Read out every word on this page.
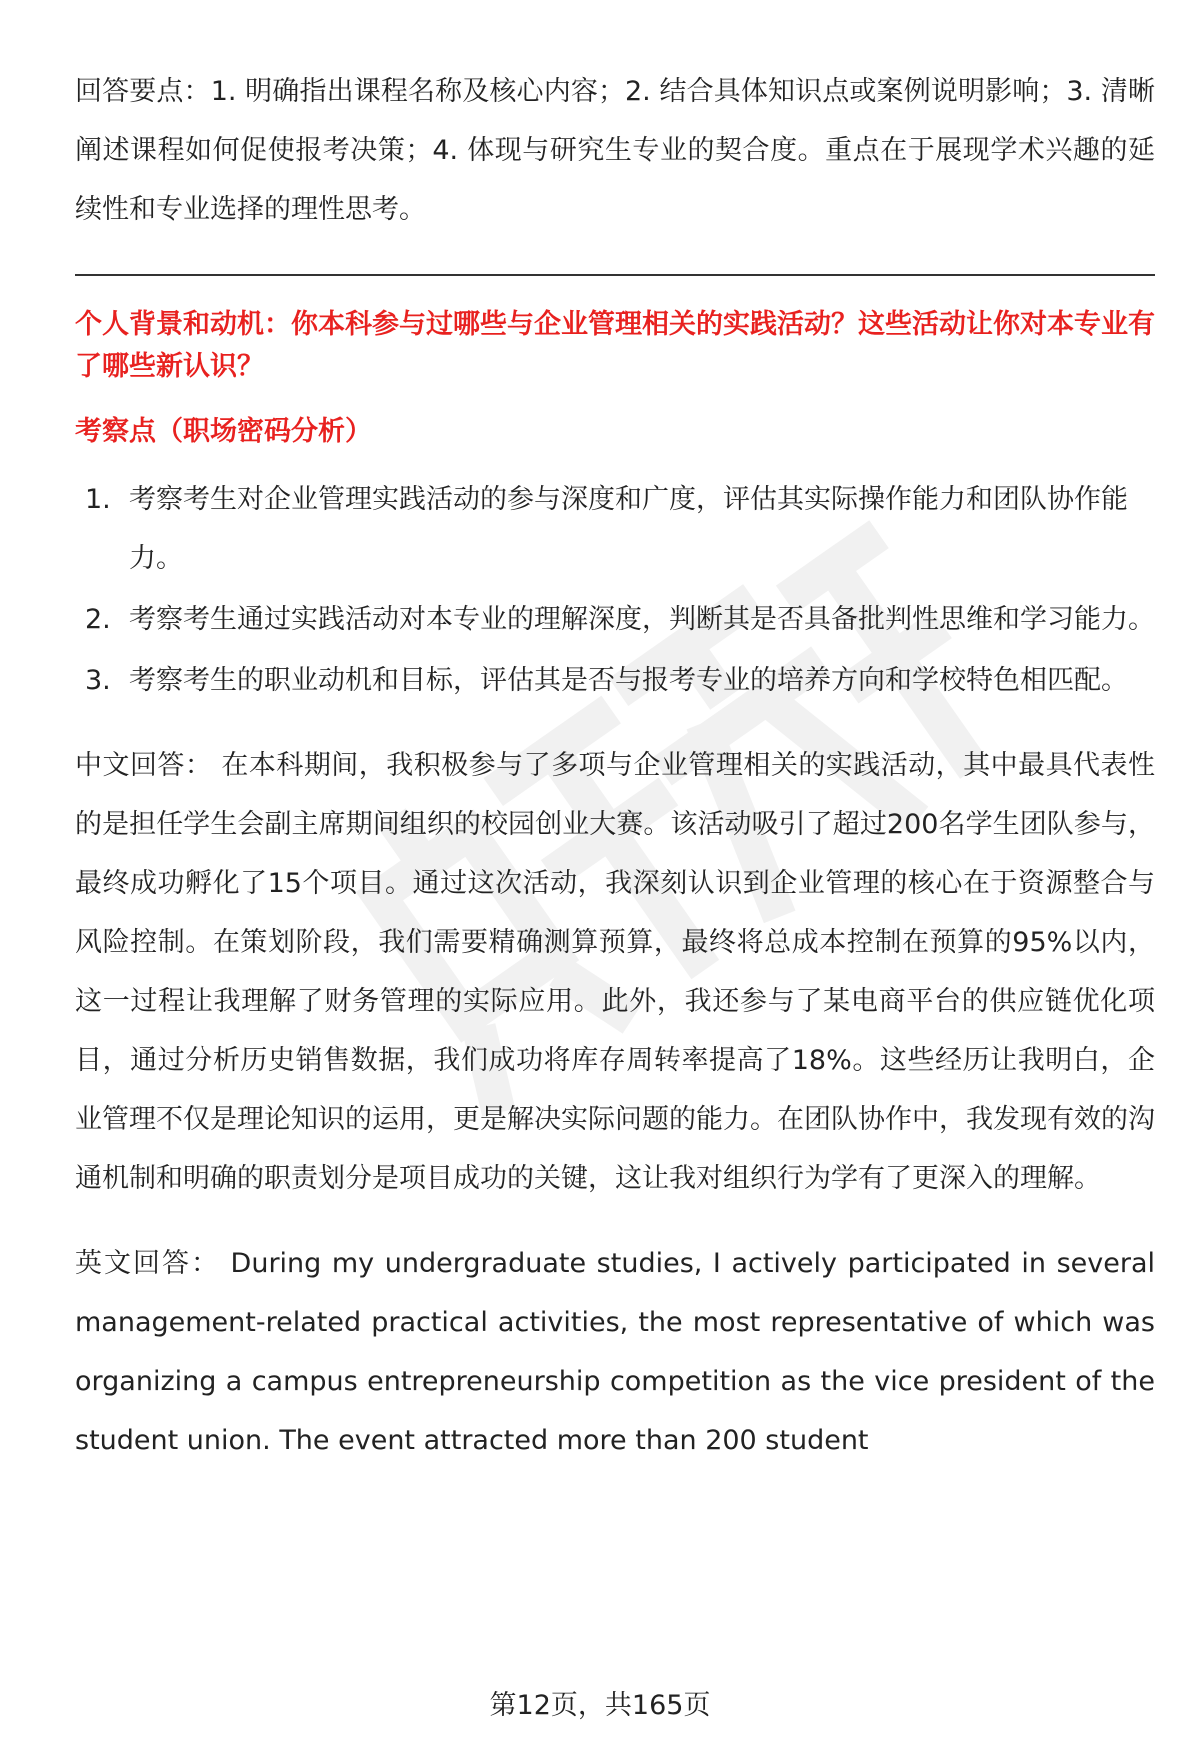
回答要点：1. 明确指出课程名称及核心内容；2. 结合具体知识点或案例说明影响；3. 清晰阐述课程如何促使报考决策；4. 体现与研究生专业的契合度。重点在于展现学术兴趣的延续性和专业选择的理性思考。

个人背景和动机：你本科参与过哪些与企业管理相关的实践活动？这些活动让你对本专业有了哪些新认识？

考察点（职场密码分析）

1. 考察考生对企业管理实践活动的参与深度和广度，评估其实际操作能力和团队协作能力。
2. 考察考生通过实践活动对本专业的理解深度，判断其是否具备批判性思维和学习能力。
3. 考察考生的职业动机和目标，评估其是否与报考专业的培养方向和学校特色相匹配。

中文回答： 在本科期间，我积极参与了多项与企业管理相关的实践活动，其中最具代表性的是担任学生会副主席期间组织的校园创业大赛。该活动吸引了超过200名学生团队参与，最终成功孵化了15个项目。通过这次活动，我深刻认识到企业管理的核心在于资源整合与风险控制。在策划阶段，我们需要精确测算预算，最终将总成本控制在预算的95%以内，这一过程让我理解了财务管理的实际应用。此外，我还参与了某电商平台的供应链优化项目，通过分析历史销售数据，我们成功将库存周转率提高了18%。这些经历让我明白，企业管理不仅是理论知识的运用，更是解决实际问题的能力。在团队协作中，我发现有效的沟通机制和明确的职责划分是项目成功的关键，这让我对组织行为学有了更深入的理解。

英文回答： During my undergraduate studies, I actively participated in several management-related practical activities, the most representative of which was organizing a campus entrepreneurship competition as the vice president of the student union. The event attracted more than 200 student

第12页，共165页
